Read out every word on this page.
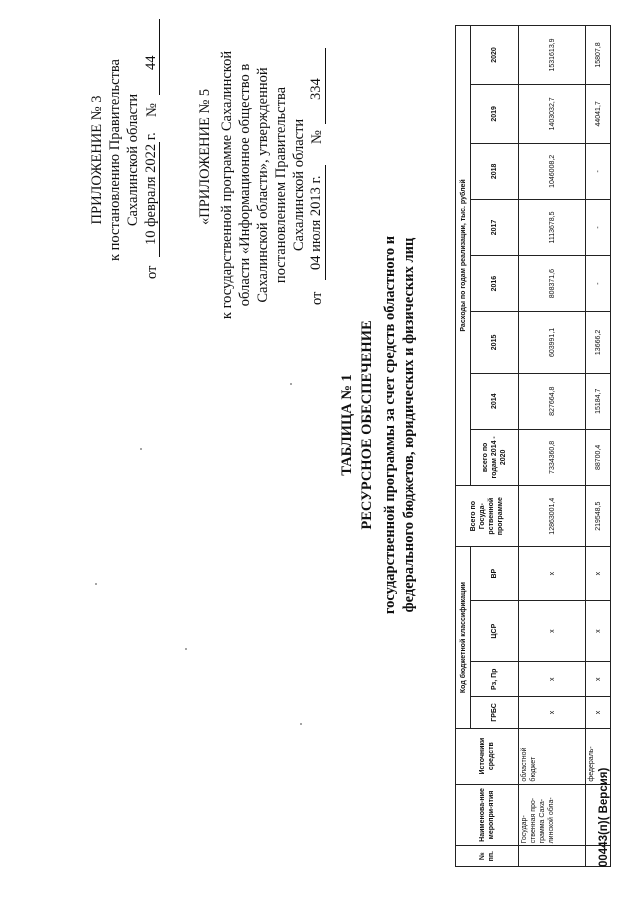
ПРИЛОЖЕНИЕ № 3 к постановлению Правительства Сахалинской области
от
10 февраля 2022 г.
№
44
«ПРИЛОЖЕНИЕ № 5 к государственной программе Сахалинской области «Информационное общество в Сахалинской области», утвержденной постановлением Правительства Сахалинской области
от
04 июля 2013 г.
№
334
ТАБЛИЦА № 1 РЕСУРСНОЕ ОБЕСПЕЧЕНИЕ государственной программы за счет средств областного и федерального бюджетов, юридических и физических лиц
№ пп.	Наименова-ние меропри-ятия	Источники средств	Код бюджетной классификации				Всего по Госуда-рственной программе	Расходы по годам реализации, тыс. рублей							
			ГРБС	Рз, Пр	ЦСР	ВР		всего по годам 2014 - 2020	2014	2015	2016	2017	2018	2019	2020
	Государ-ственная про-грамма Саха-линской обла-	областной бюджет	х	х	х	х	12863001,4	7334360,8	827664,8	603991,1	808371,6	1113678,5	1046008,2	1403032,7	1531613,9
		федераль-	х	х	х	х	219548,5	88700,4	15184,7	13666,2	-	-	-	44041,7	15807,8
00443(п)( Версия)
